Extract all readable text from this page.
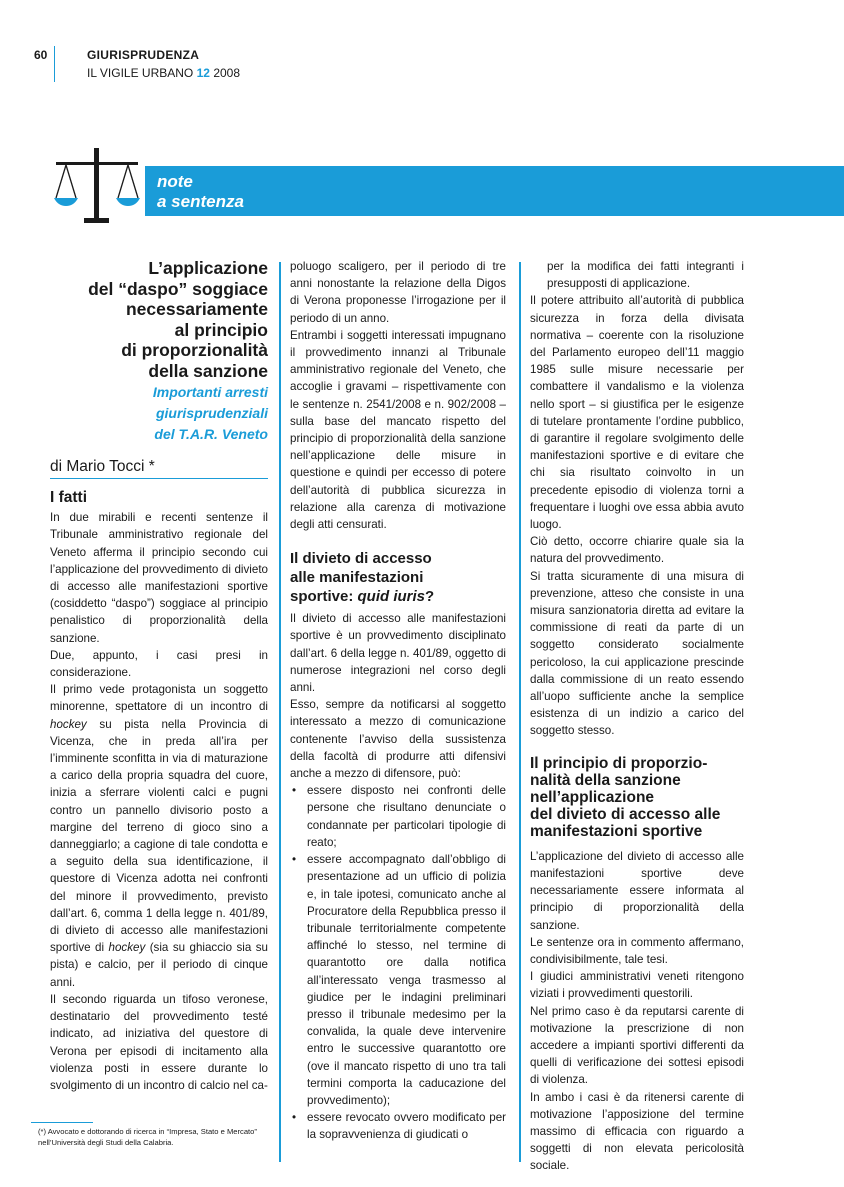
60	GIURISPRUDENZA
IL VIGILE URBANO 12 2008
note
a sentenza
L’applicazione
del “daspo” soggiace
necessariamente
al principio
di proporzionalità
della sanzione
Importanti arresti
giurisprudenziali
del T.A.R. Veneto
di Mario Tocci *
I fatti

In due mirabili e recenti sentenze il Tribunale amministrativo regionale del Veneto afferma il principio secondo cui l’applicazione del provvedimento di divieto di accesso alle manifestazioni sportive (cosiddetto “daspo”) soggiace al principio penalistico di proporzionalità della sanzione.

Due, appunto, i casi presi in considerazione.

Il primo vede protagonista un soggetto minorenne, spettatore di un incontro di hockey su pista nella Provincia di Vicenza, che in preda all’ira per l’imminente sconfitta in via di maturazione a carico della propria squadra del cuore, inizia a sferrare violenti calci e pugni contro un pannello divisorio posto a margine del terreno di gioco sino a danneggiarlo; a cagione di tale condotta e a seguito della sua identificazione, il questore di Vicenza adotta nei confronti del minore il provvedimento, previsto dall’art. 6, comma 1 della legge n. 401/89, di divieto di accesso alle manifestazioni sportive di hockey (sia su ghiaccio sia su pista) e calcio, per il periodo di cinque anni.

Il secondo riguarda un tifoso veronese, destinatario del provvedimento testé indicato, ad iniziativa del questore di Verona per episodi di incitamento alla violenza posti in essere durante lo svolgimento di un incontro di calcio nel ca-

poluogo scaligero, per il periodo di tre anni nonostante la relazione della Digos di Verona proponesse l’irrogazione per il periodo di un anno.

Entrambi i soggetti interessati impugnano il provvedimento innanzi al Tribunale amministrativo regionale del Veneto, che accoglie i gravami – rispettivamente con le sentenze n. 2541/2008 e n. 902/2008 – sulla base del mancato rispetto del principio di proporzionalità della sanzione nell’applicazione delle misure in questione e quindi per eccesso di potere dell’autorità di pubblica sicurezza in relazione alla carenza di motivazione degli atti censurati.

Il divieto di accesso
alle manifestazioni
sportive: quid iuris?

Il divieto di accesso alle manifestazioni sportive è un provvedimento disciplinato dall’art. 6 della legge n. 401/89, oggetto di numerose integrazioni nel corso degli anni.

Esso, sempre da notificarsi al soggetto interessato a mezzo di comunicazione contenente l’avviso della sussistenza della facoltà di produrre atti difensivi anche a mezzo di difensore, può:

• essere disposto nei confronti delle persone che risultano denunciate o condannate per particolari tipologie di reato;
• essere accompagnato dall’obbligo di presentazione ad un ufficio di polizia e, in tale ipotesi, comunicato anche al Procuratore della Repubblica presso il tribunale territorialmente competente affinché lo stesso, nel termine di quarantotto ore dalla notifica all’interessato venga trasmesso al giudice per le indagini preliminari presso il tribunale medesimo per la convalida, la quale deve intervenire entro le successive quarantotto ore (ove il mancato rispetto di uno tra tali termini comporta la caducazione del provvedimento);
• essere revocato ovvero modificato per la sopravvenienza di giudicati o
per la modifica dei fatti integranti i presupposti di applicazione.

Il potere attribuito all’autorità di pubblica sicurezza in forza della divisata normativa – coerente con la risoluzione del Parlamento europeo dell’11 maggio 1985 sulle misure necessarie per combattere il vandalismo e la violenza nello sport – si giustifica per le esigenze di tutelare prontamente l’ordine pubblico, di garantire il regolare svolgimento delle manifestazioni sportive e di evitare che chi sia risultato coinvolto in un precedente episodio di violenza torni a frequentare i luoghi ove essa abbia avuto luogo.

Ciò detto, occorre chiarire quale sia la natura del provvedimento.

Si tratta sicuramente di una misura di prevenzione, atteso che consiste in una misura sanzionatoria diretta ad evitare la commissione di reati da parte di un soggetto considerato socialmente pericoloso, la cui applicazione prescinde dalla commissione di un reato essendo all’uopo sufficiente anche la semplice esistenza di un indizio a carico del soggetto stesso.

Il principio di proporzio-
nalità della sanzione
nell’applicazione
del divieto di accesso alle
manifestazioni sportive

L’applicazione del divieto di accesso alle manifestazioni sportive deve necessariamente essere informata al principio di proporzionalità della sanzione.

Le sentenze ora in commento affermano, condivisibilmente, tale tesi.

I giudici amministrativi veneti ritengono viziati i provvedimenti questorili.

Nel primo caso è da reputarsi carente di motivazione la prescrizione di non accedere a impianti sportivi differenti da quelli di verificazione dei sottesi episodi di violenza.

In ambo i casi è da ritenersi carente di motivazione l’apposizione del termine massimo di efficacia con riguardo a soggetti di non elevata pericolosità sociale.

(*) Avvocato e dottorando di ricerca in “Impresa, Stato e Mercato” nell’Università degli Studi della Calabria.
